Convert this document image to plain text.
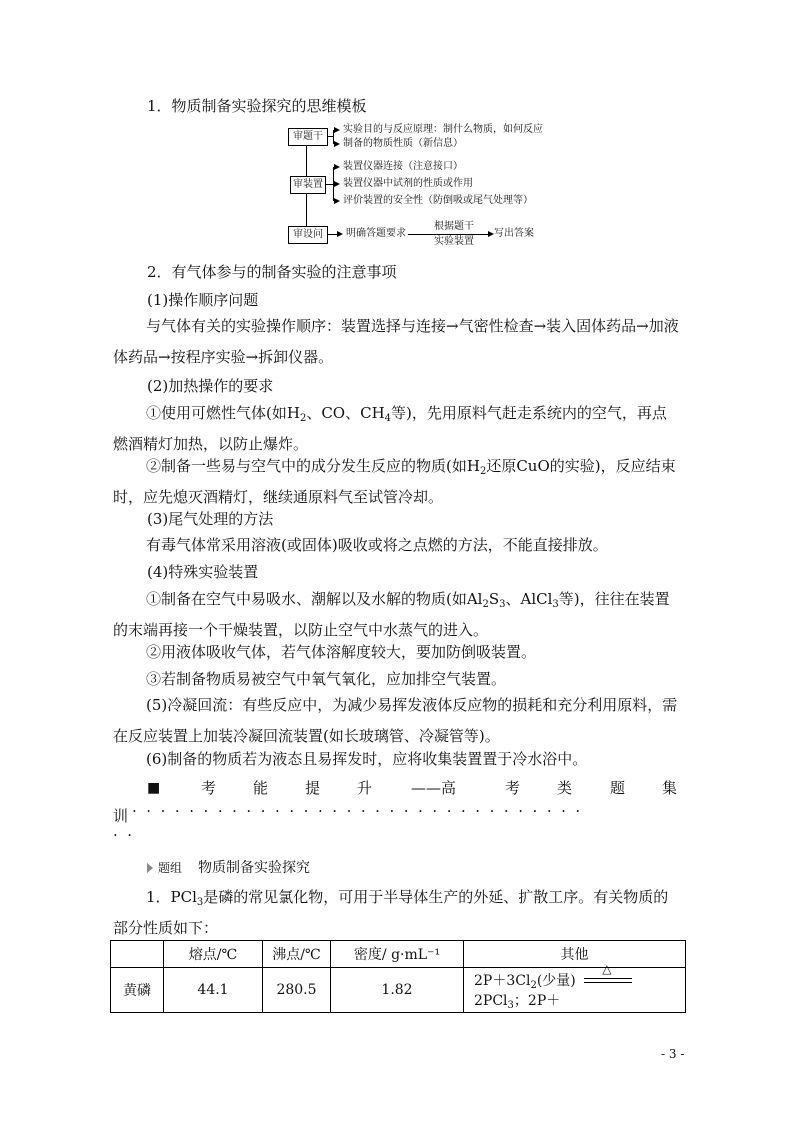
1．物质制备实验探究的思维模板
审题干
审装置
审设问
实验目的与反应原理：制什么物质，如何反应
制备的物质性质（新信息）
装置仪器连接（注意接口）
装置仪器中试剂的性质或作用
评价装置的安全性（防倒吸或尾气处理等）
明确答题要求
根据题干
实验装置
写出答案
2．有气体参与的制备实验的注意事项
(1)操作顺序问题
与气体有关的实验操作顺序：装置选择与连接→气密性检查→装入固体药品→加液体药品→按程序实验→拆卸仪器。
(2)加热操作的要求
①使用可燃性气体(如$H_2$、CO、$CH_4$等)，先用原料气赶走系统内的空气，再点燃酒精灯加热，以防止爆炸。
②制备一些易与空气中的成分发生反应的物质(如$H_2$还原CuO的实验)，反应结束时，应先熄灭酒精灯，继续通原料气至试管冷却。
(3)尾气处理的方法
有毒气体常采用溶液(或固体)吸收或将之点燃的方法，不能直接排放。
(4)特殊实验装置
①制备在空气中易吸水、潮解以及水解的物质(如$Al_2S_3$、AlCl$_3$等)，往往在装置的末端再接一个干燥装置，以防止空气中水蒸气的进入。
②用液体吸收气体，若气体溶解度较大，要加防倒吸装置。
③若制备物质易被空气中氧气氧化，应加排空气装置。
(5)冷凝回流：有些反应中，为减少易挥发液体反应物的损耗和充分利用原料，需在反应装置上加装冷凝回流装置(如长玻璃管、冷凝管等)。
(6)制备的物质若为液态且易挥发时，应将收集装置置于冷水浴中。
■	考 能 提 升	——高	考 类	题 集
训 ·  ·  ·  ·  ·  ·  ·  ·  ·  ·  ·  ·  ·  ·  ·  ·  ·  ·  ·  ·  ·  ·  ·  ·  ·  ·  ·  ·  ·  ·  ·  ·
·  ·
题组 物质制备实验探究
1．PCl$_3$是磷的常见氯化物，可用于半导体生产的外延、扩散工序。有关物质的部分性质如下：
	熔点/℃	沸点/℃	密度/ g·mL⁻¹	其他
黄磷	44.1	280.5	1.82	$2P+3Cl_2$(少量)
△
2PCl$_3$；2P＋
- 3 -
